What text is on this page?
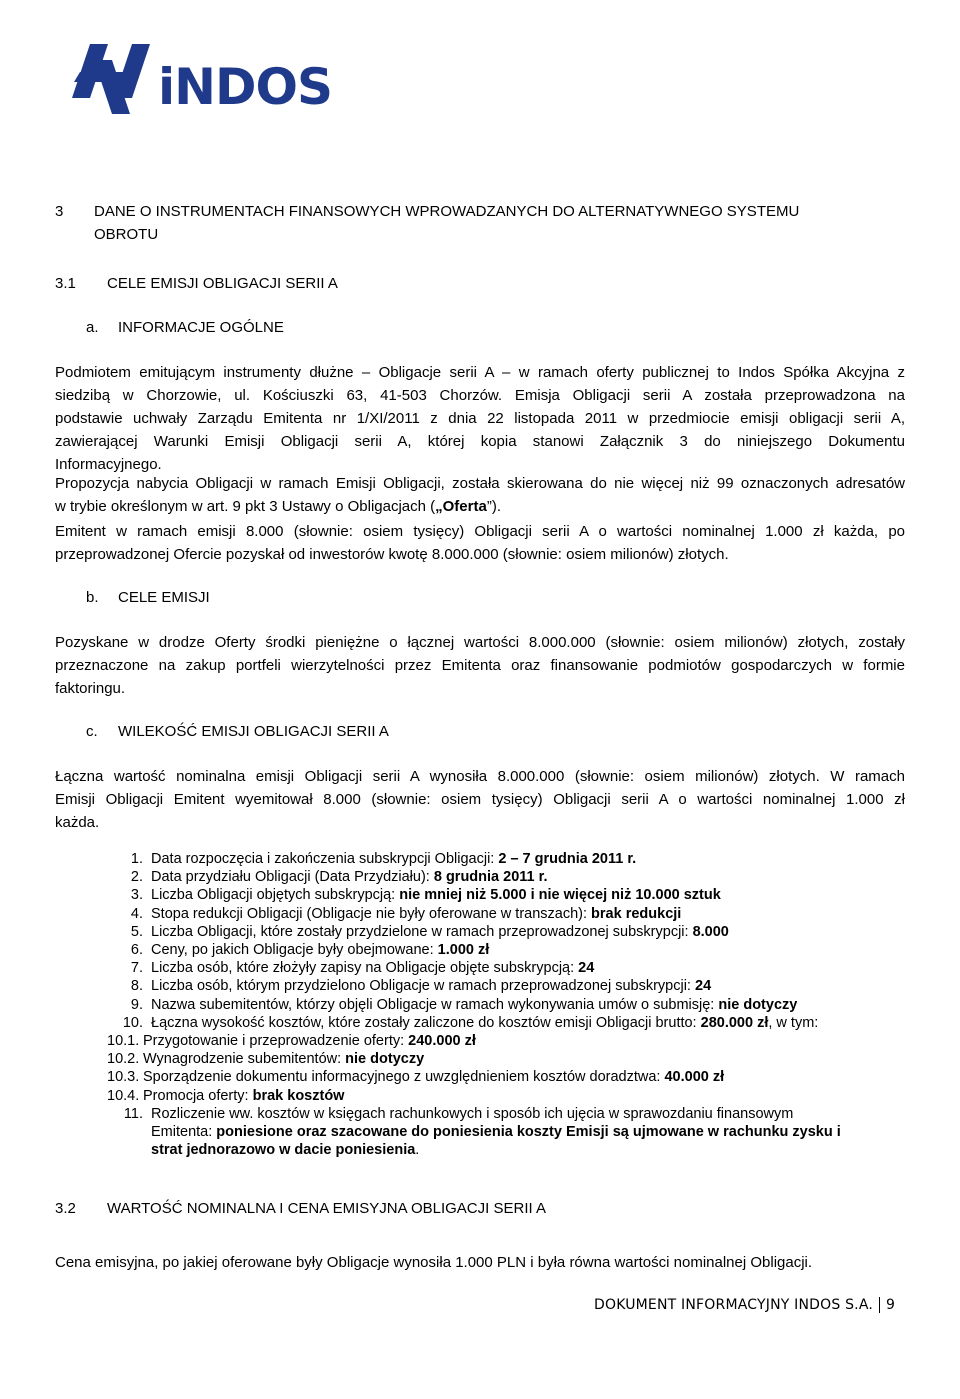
iNDOS
3 DANE O INSTRUMENTACH FINANSOWYCH WPROWADZANYCH DO ALTERNATYWNEGO SYSTEMU
OBROTU
3.1 CELE EMISJI OBLIGACJI SERII A
a. INFORMACJE OGÓLNE
Podmiotem emitującym instrumenty dłużne – Obligacje serii A – w ramach oferty publicznej to Indos Spółka Akcyjna z
siedzibą w Chorzowie, ul. Kościuszki 63, 41-503 Chorzów. Emisja Obligacji serii A została przeprowadzona na
podstawie uchwały Zarządu Emitenta nr 1/XI/2011 z dnia 22 listopada 2011 w przedmiocie emisji obligacji serii A,
zawierającej Warunki Emisji Obligacji serii A, której kopia stanowi Załącznik 3 do niniejszego Dokumentu
Informacyjnego.
Propozycja nabycia Obligacji w ramach Emisji Obligacji, została skierowana do nie więcej niż 99 oznaczonych adresatów
w trybie określonym w art. 9 pkt 3 Ustawy o Obligacjach („Oferta”).
Emitent w ramach emisji 8.000 (słownie: osiem tysięcy) Obligacji serii A o wartości nominalnej 1.000 zł każda, po
przeprowadzonej Ofercie pozyskał od inwestorów kwotę 8.000.000 (słownie: osiem milionów) złotych.
b. CELE EMISJI
Pozyskane w drodze Oferty środki pieniężne o łącznej wartości 8.000.000 (słownie: osiem milionów) złotych, zostały
przeznaczone na zakup portfeli wierzytelności przez Emitenta oraz finansowanie podmiotów gospodarczych w formie
faktoringu.
c. WILEKOŚĆ EMISJI OBLIGACJI SERII A
Łączna wartość nominalna emisji Obligacji serii A wynosiła 8.000.000 (słownie: osiem milionów) złotych. W ramach
Emisji Obligacji Emitent wyemitował 8.000 (słownie: osiem tysięcy) Obligacji serii A o wartości nominalnej 1.000 zł
każda.
1. Data rozpoczęcia i zakończenia subskrypcji Obligacji: 2 – 7 grudnia 2011 r.
2. Data przydziału Obligacji (Data Przydziału): 8 grudnia 2011 r.
3. Liczba Obligacji objętych subskrypcją: nie mniej niż 5.000 i nie więcej niż 10.000 sztuk
4. Stopa redukcji Obligacji (Obligacje nie były oferowane w transzach): brak redukcji
5. Liczba Obligacji, które zostały przydzielone w ramach przeprowadzonej subskrypcji: 8.000
6. Ceny, po jakich Obligacje były obejmowane: 1.000 zł
7. Liczba osób, które złożyły zapisy na Obligacje objęte subskrypcją: 24
8. Liczba osób, którym przydzielono Obligacje w ramach przeprowadzonej subskrypcji: 24
9. Nazwa subemitentów, którzy objęli Obligacje w ramach wykonywania umów o submisję: nie dotyczy
10. Łączna wysokość kosztów, które zostały zaliczone do kosztów emisji Obligacji brutto: 280.000 zł, w tym:
10.1. Przygotowanie i przeprowadzenie oferty: 240.000 zł
10.2. Wynagrodzenie subemitentów: nie dotyczy
10.3. Sporządzenie dokumentu informacyjnego z uwzględnieniem kosztów doradztwa: 40.000 zł
10.4. Promocja oferty: brak kosztów
11. Rozliczenie ww. kosztów w księgach rachunkowych i sposób ich ujęcia w sprawozdaniu finansowym
Emitenta: poniesione oraz szacowane do poniesienia koszty Emisji są ujmowane w rachunku zysku i
strat jednorazowo w dacie poniesienia.
3.2 WARTOŚĆ NOMINALNA I CENA EMISYJNA OBLIGACJI SERII A
Cena emisyjna, po jakiej oferowane były Obligacje wynosiła 1.000 PLN i była równa wartości nominalnej Obligacji.
DOKUMENT INFORMACYJNY INDOS S.A. 9
